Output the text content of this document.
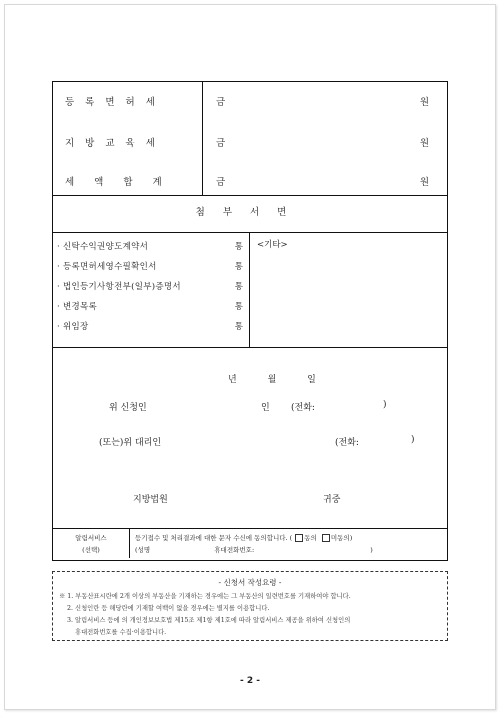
등록면허세	금	원
지방교육세	금	원
세액합계	금	원
첨부서면
· 신탁수익권양도계약서	통
· 등록면허세영수필확인서	통
· 법인등기사항전부(일부)증명서	통
· 변경목록	통
· 위임장	통
<기타>
년	월	일
위 신청인	인 (전화:	)
(또는)위 대리인	(전화:	)
지방법원	귀중
알림서비스
(선택)
등기접수 및 처리결과에 대한 문자 수신에 동의합니다. ( 동의 미동의)
(성명	휴대전화번호:	)
- 신청서 작성요령 -
※ 1. 부동산표시란에 2개 이상의 부동산을 기재하는 경우에는 그 부동산의 일련번호를 기재하여야 합니다.
2. 신청인란 등 해당란에 기재할 여백이 없을 경우에는 별지를 이용합니다.
3. 알림서비스 등에 의 개인정보보호법 제15조 제1항 제1호에 따라 알림서비스 제공을 위하여 신청인의
휴대전화번호를 수집·이용합니다.
- 2 -
